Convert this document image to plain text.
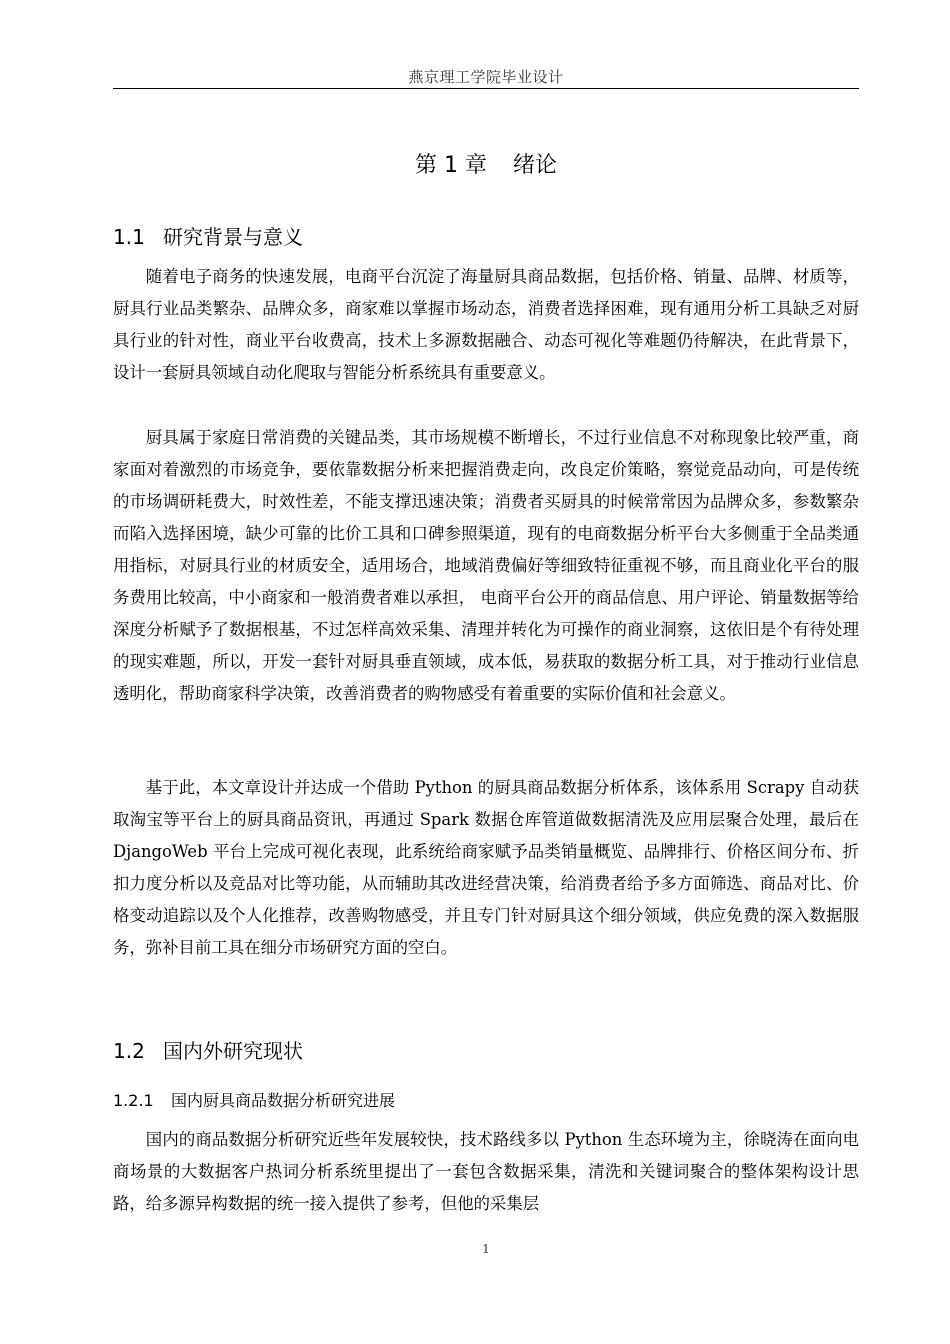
燕京理工学院毕业设计
第 1 章 绪论
1.1 研究背景与意义

随着电子商务的快速发展，电商平台沉淀了海量厨具商品数据，包括价格、销量、品牌、材质等，厨具行业品类繁杂、品牌众多，商家难以掌握市场动态，消费者选择困难，现有通用分析工具缺乏对厨具行业的针对性，商业平台收费高，技术上多源数据融合、动态可视化等难题仍待解决，在此背景下，设计一套厨具领域自动化爬取与智能分析系统具有重要意义。

厨具属于家庭日常消费的关键品类，其市场规模不断增长，不过行业信息不对称现象比较严重，商家面对着激烈的市场竞争，要依靠数据分析来把握消费走向，改良定价策略，察觉竞品动向，可是传统的市场调研耗费大，时效性差，不能支撑迅速决策；消费者买厨具的时候常常因为品牌众多，参数繁杂而陷入选择困境，缺少可靠的比价工具和口碑参照渠道，现有的电商数据分析平台大多侧重于全品类通用指标，对厨具行业的材质安全，适用场合，地域消费偏好等细致特征重视不够，而且商业化平台的服务费用比较高，中小商家和一般消费者难以承担， 电商平台公开的商品信息、用户评论、销量数据等给深度分析赋予了数据根基，不过怎样高效采集、清理并转化为可操作的商业洞察，这依旧是个有待处理的现实难题，所以，开发一套针对厨具垂直领域，成本低，易获取的数据分析工具，对于推动行业信息透明化，帮助商家科学决策，改善消费者的购物感受有着重要的实际价值和社会意义。

基于此，本文章设计并达成一个借助 Python 的厨具商品数据分析体系，该体系用 Scrapy 自动获取淘宝等平台上的厨具商品资讯，再通过 Spark 数据仓库管道做数据清洗及应用层聚合处理，最后在 DjangoWeb 平台上完成可视化表现，此系统给商家赋予品类销量概览、品牌排行、价格区间分布、折扣力度分析以及竞品对比等功能，从而辅助其改进经营决策，给消费者给予多方面筛选、商品对比、价格变动追踪以及个人化推荐，改善购物感受，并且专门针对厨具这个细分领域，供应免费的深入数据服务，弥补目前工具在细分市场研究方面的空白。

1.2 国内外研究现状
1.2.1 国内厨具商品数据分析研究进展

国内的商品数据分析研究近些年发展较快，技术路线多以 Python 生态环境为主，徐晓涛在面向电商场景的大数据客户热词分析系统里提出了一套包含数据采集，清洗和关键词聚合的整体架构设计思路，给多源异构数据的统一接入提供了参考，但他的采集层

1
